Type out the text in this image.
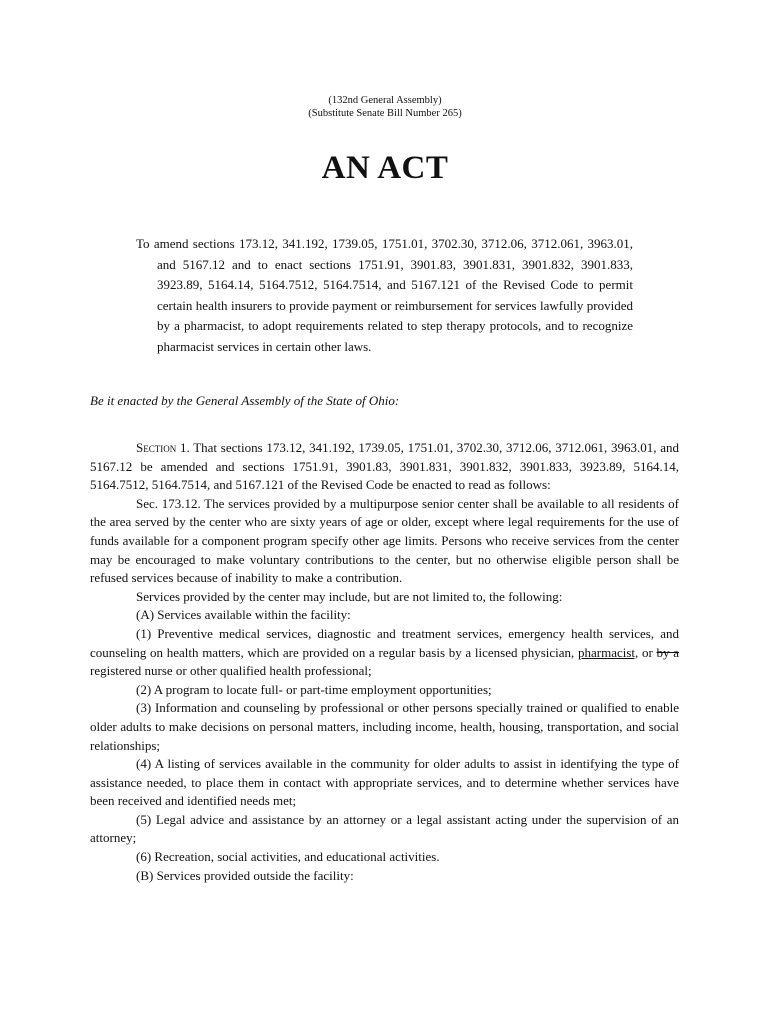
(132nd General Assembly)
(Substitute Senate Bill Number 265)
AN ACT
To amend sections 173.12, 341.192, 1739.05, 1751.01, 3702.30, 3712.06, 3712.061, 3963.01, and 5167.12 and to enact sections 1751.91, 3901.83, 3901.831, 3901.832, 3901.833, 3923.89, 5164.14, 5164.7512, 5164.7514, and 5167.121 of the Revised Code to permit certain health insurers to provide payment or reimbursement for services lawfully provided by a pharmacist, to adopt requirements related to step therapy protocols, and to recognize pharmacist services in certain other laws.
Be it enacted by the General Assembly of the State of Ohio:

Section 1. That sections 173.12, 341.192, 1739.05, 1751.01, 3702.30, 3712.06, 3712.061, 3963.01, and 5167.12 be amended and sections 1751.91, 3901.83, 3901.831, 3901.832, 3901.833, 3923.89, 5164.14, 5164.7512, 5164.7514, and 5167.121 of the Revised Code be enacted to read as follows:

Sec. 173.12. The services provided by a multipurpose senior center shall be available to all residents of the area served by the center who are sixty years of age or older, except where legal requirements for the use of funds available for a component program specify other age limits. Persons who receive services from the center may be encouraged to make voluntary contributions to the center, but no otherwise eligible person shall be refused services because of inability to make a contribution.

Services provided by the center may include, but are not limited to, the following:

(A) Services available within the facility:

(1) Preventive medical services, diagnostic and treatment services, emergency health services, and counseling on health matters, which are provided on a regular basis by a licensed physician, pharmacist, or by a registered nurse or other qualified health professional;

(2) A program to locate full- or part-time employment opportunities;

(3) Information and counseling by professional or other persons specially trained or qualified to enable older adults to make decisions on personal matters, including income, health, housing, transportation, and social relationships;

(4) A listing of services available in the community for older adults to assist in identifying the type of assistance needed, to place them in contact with appropriate services, and to determine whether services have been received and identified needs met;

(5) Legal advice and assistance by an attorney or a legal assistant acting under the supervision of an attorney;

(6) Recreation, social activities, and educational activities.

(B) Services provided outside the facility:
